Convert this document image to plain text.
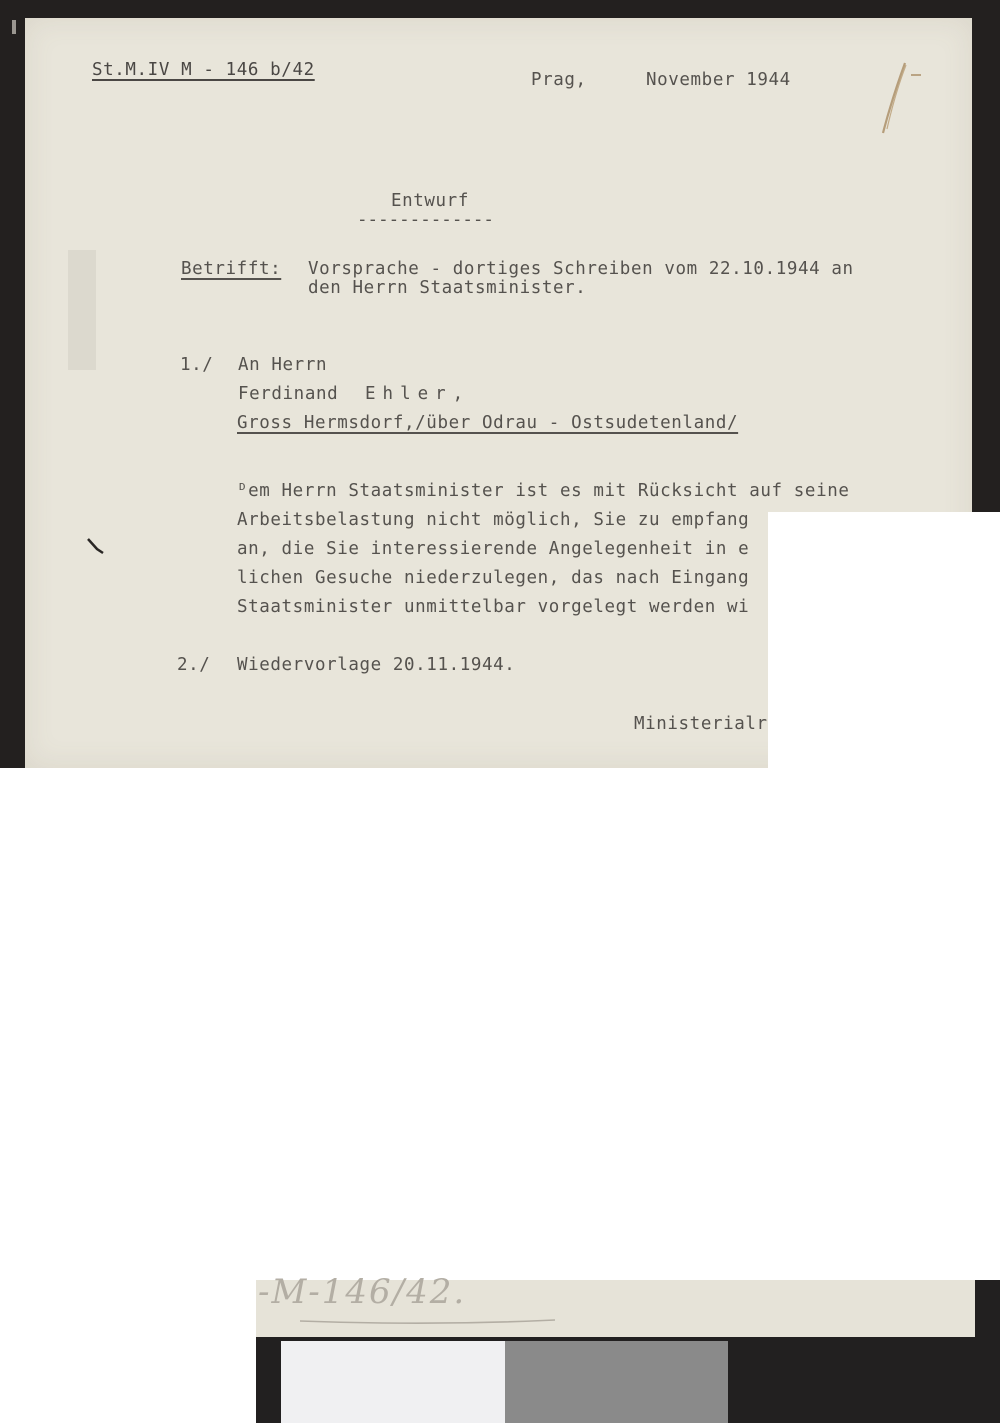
St.M.IV M - 146 b/42	Prag,	November 1944
Entwurf
-------------
Betrifft: Vorsprache - dortiges Schreiben vom 22.10.1944 an
den Herrn Staatsminister.
1./ An Herrn
Ferdinand Ehler,
Gross Hermsdorf,/über Odrau - Ostsudetenland/
ᴰem Herrn Staatsminister ist es mit Rücksicht auf seine
Arbeitsbelastung nicht möglich, Sie zu empfang
an, die Sie interessierende Angelegenheit in e
lichen Gesuche niederzulegen, das nach Eingang
Staatsminister unmittelbar vorgelegt werden wi
2./ Wiedervorlage 20.11.1944.
Ministerialr
-M-146/42.
